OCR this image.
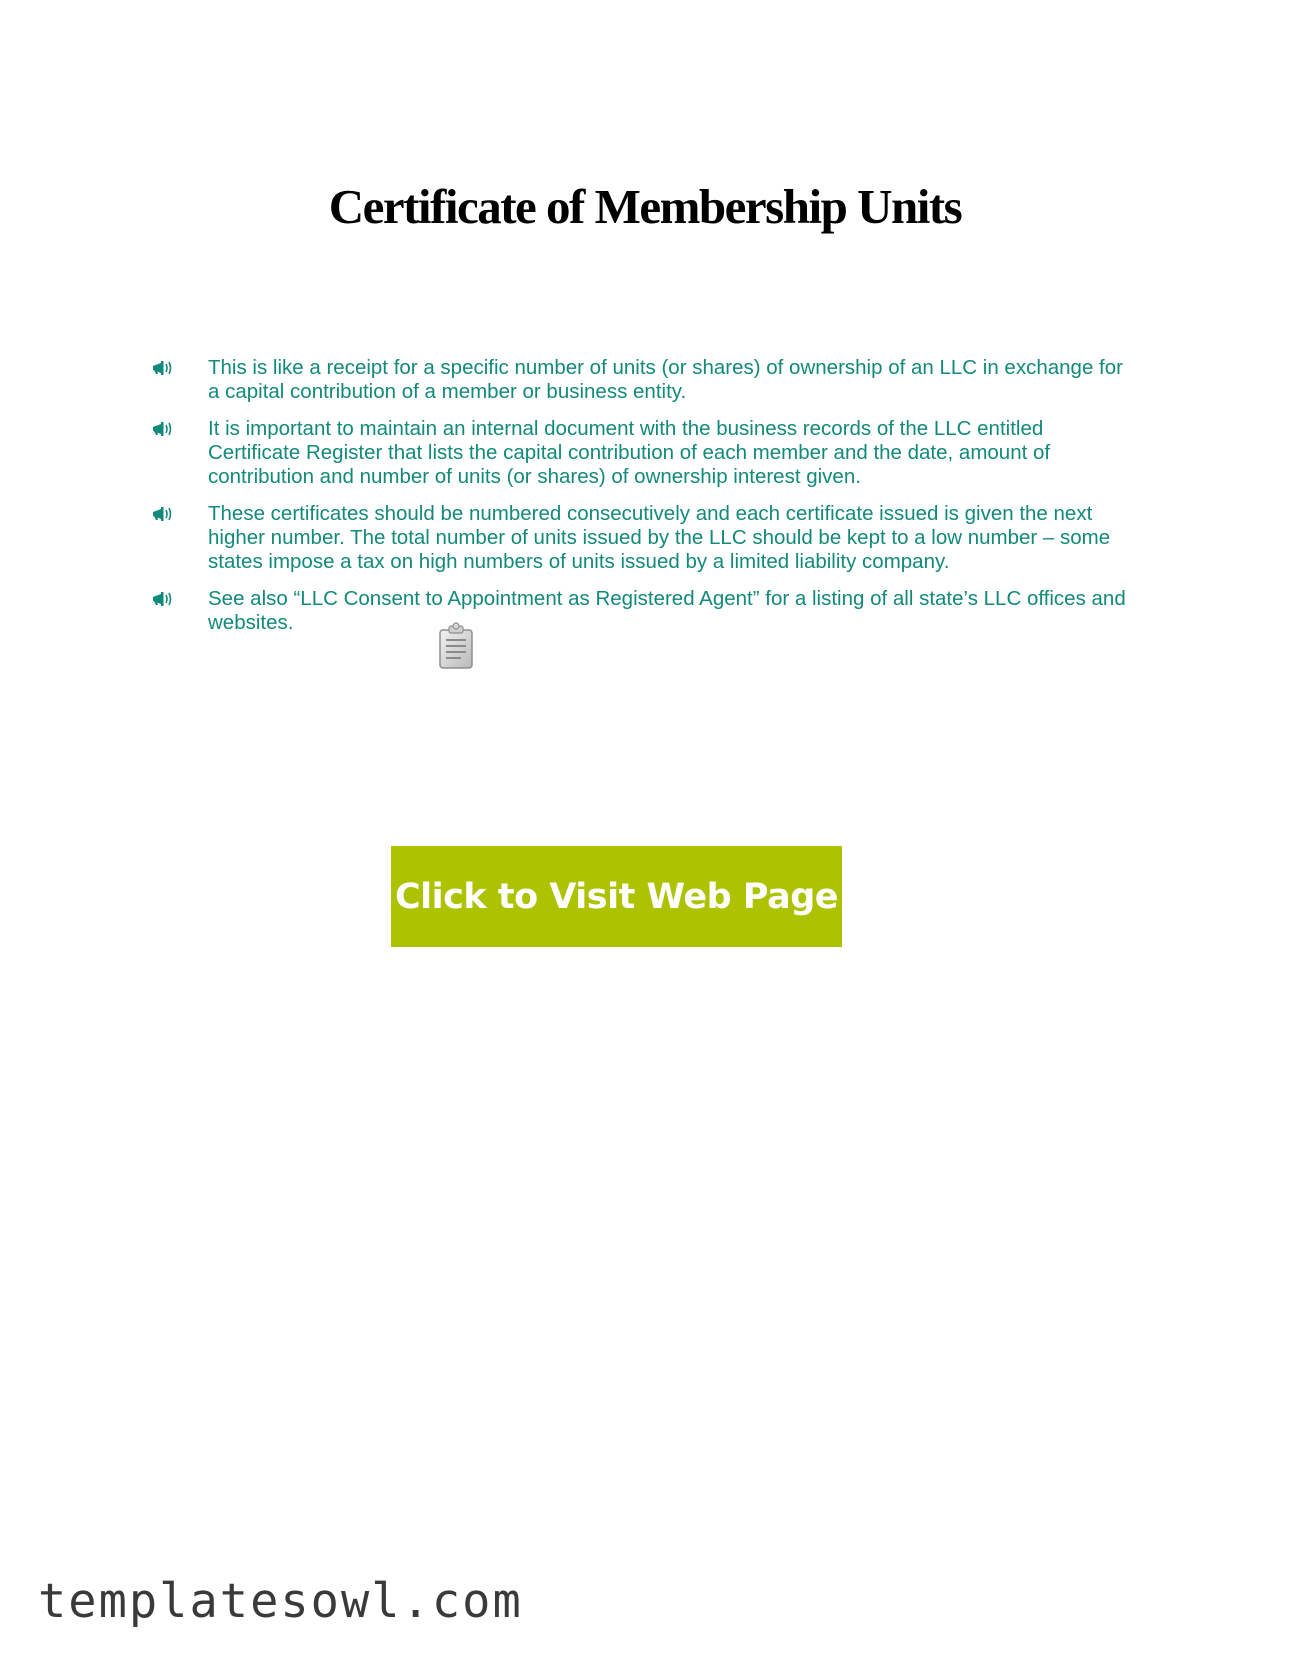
Certificate of Membership Units
This is like a receipt for a specific number of units (or shares) of ownership of an LLC in exchange for a capital contribution of a member or business entity.
It is important to maintain an internal document with the business records of the LLC entitled Certificate Register that lists the capital contribution of each member and the date, amount of contribution and number of units (or shares) of ownership interest given.
These certificates should be numbered consecutively and each certificate issued is given the next higher number. The total number of units issued by the LLC should be kept to a low number – some states impose a tax on high numbers of units issued by a limited liability company.
See also “LLC Consent to Appointment as Registered Agent” for a listing of all state’s LLC offices and websites.
Click to Visit Web Page
templatesowl.com
